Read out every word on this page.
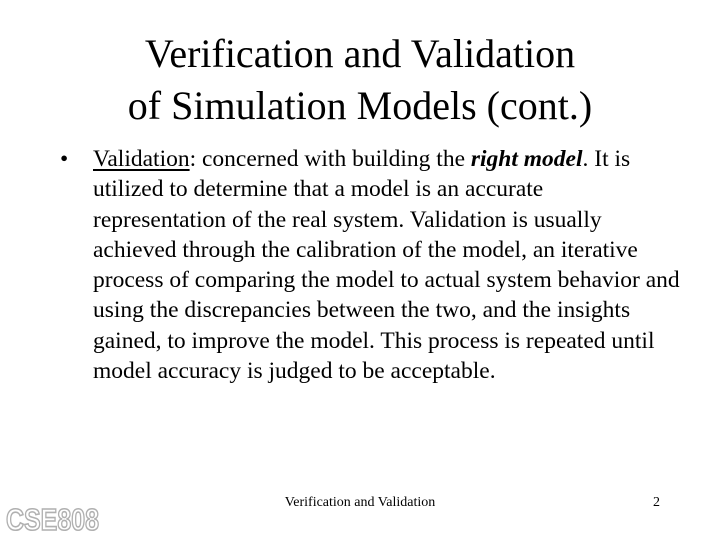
Verification and Validation
of Simulation Models (cont.)
•	Validation: concerned with building the right model. It is utilized to determine that a model is an accurate representation of the real system. Validation is usually achieved through the calibration of the model, an iterative process of comparing the model to actual system behavior and using the discrepancies between the two, and the insights gained, to improve the model. This process is repeated until model accuracy is judged to be acceptable.
CSE808	Verification and Validation	2
